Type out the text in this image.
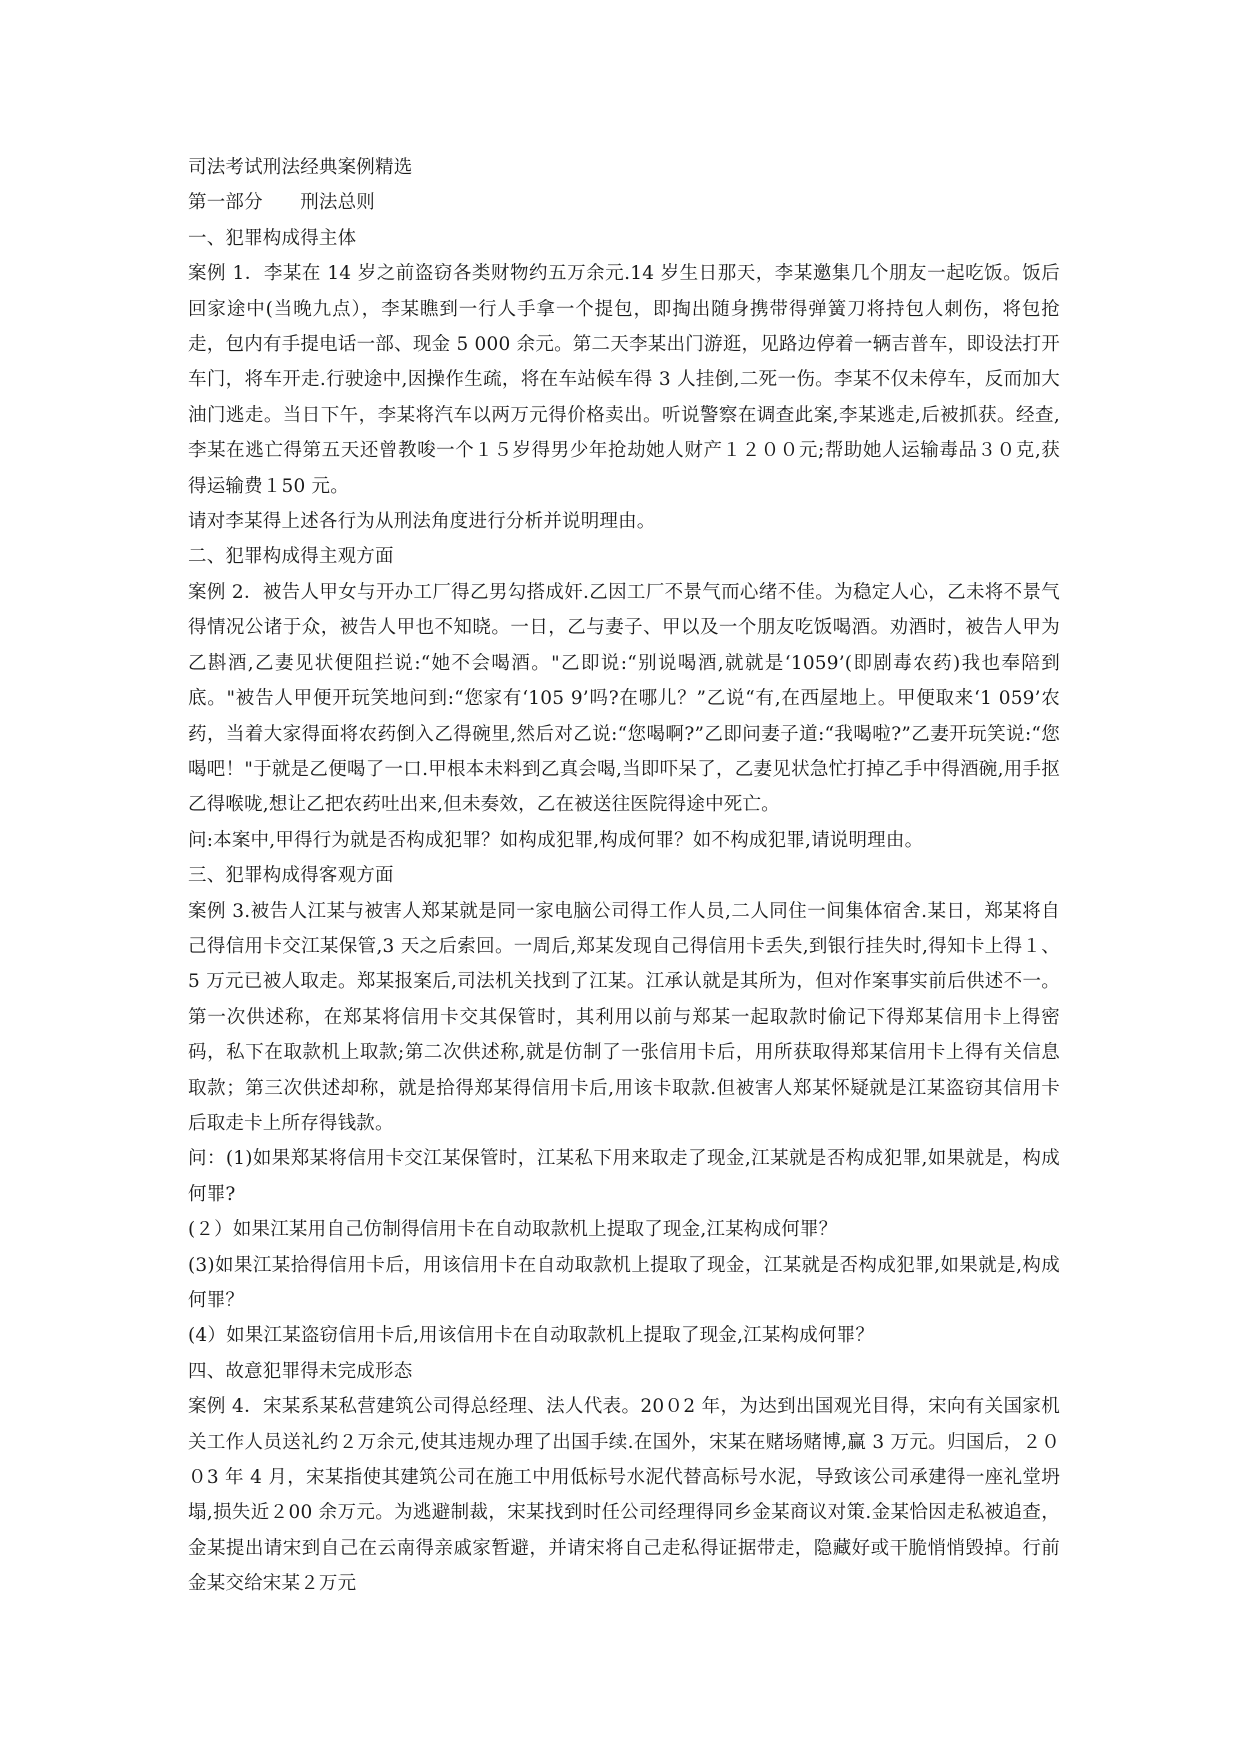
司法考试刑法经典案例精选
第一部分　　刑法总则
一、犯罪构成得主体
案例 1．李某在 14 岁之前盗窃各类财物约五万余元.14 岁生日那天，李某邀集几个朋友一起吃饭。饭后回家途中(当晚九点），李某瞧到一行人手拿一个提包，即掏出随身携带得弹簧刀将持包人刺伤，将包抢走，包内有手提电话一部、现金 5 000 余元。第二天李某出门游逛，见路边停着一辆吉普车，即设法打开车门，将车开走.行驶途中,因操作生疏，将在车站候车得 3 人挂倒,二死一伤。李某不仅未停车，反而加大油门逃走。当日下午，李某将汽车以两万元得价格卖出。听说警察在调查此案,李某逃走,后被抓获。经查,李某在逃亡得第五天还曾教唆一个１５岁得男少年抢劫她人财产１２００元;帮助她人运输毒品３０克,获得运输费１50 元。
请对李某得上述各行为从刑法角度进行分析并说明理由。
二、犯罪构成得主观方面
案例 2．被告人甲女与开办工厂得乙男勾搭成奸.乙因工厂不景气而心绪不佳。为稳定人心，乙未将不景气得情况公诸于众，被告人甲也不知晓。一日，乙与妻子、甲以及一个朋友吃饭喝酒。劝酒时，被告人甲为乙斟酒,乙妻见状便阻拦说:“她不会喝酒。"乙即说:“别说喝酒,就就是‘1059’(即剧毒农药)我也奉陪到底。"被告人甲便开玩笑地问到:“您家有‘105 9’吗?在哪儿？”乙说“有,在西屋地上。甲便取来‘1 059’农药，当着大家得面将农药倒入乙得碗里,然后对乙说:“您喝啊?”乙即问妻子道:“我喝啦?”乙妻开玩笑说:“您喝吧！"于就是乙便喝了一口.甲根本未料到乙真会喝,当即吓呆了，乙妻见状急忙打掉乙手中得酒碗,用手抠乙得喉咙,想让乙把农药吐出来,但未奏效，乙在被送往医院得途中死亡。
问:本案中,甲得行为就是否构成犯罪？如构成犯罪,构成何罪？如不构成犯罪,请说明理由。
三、犯罪构成得客观方面
案例 3.被告人江某与被害人郑某就是同一家电脑公司得工作人员,二人同住一间集体宿舍.某日，郑某将自己得信用卡交江某保管,3 天之后索回。一周后,郑某发现自己得信用卡丢失,到银行挂失时,得知卡上得１、5 万元已被人取走。郑某报案后,司法机关找到了江某。江承认就是其所为，但对作案事实前后供述不一。第一次供述称，在郑某将信用卡交其保管时，其利用以前与郑某一起取款时偷记下得郑某信用卡上得密码，私下在取款机上取款;第二次供述称,就是仿制了一张信用卡后，用所获取得郑某信用卡上得有关信息取款；第三次供述却称，就是拾得郑某得信用卡后,用该卡取款.但被害人郑某怀疑就是江某盗窃其信用卡后取走卡上所存得钱款。
问：(1)如果郑某将信用卡交江某保管时，江某私下用来取走了现金,江某就是否构成犯罪,如果就是，构成何罪?
(２）如果江某用自己仿制得信用卡在自动取款机上提取了现金,江某构成何罪？
(3)如果江某拾得信用卡后，用该信用卡在自动取款机上提取了现金，江某就是否构成犯罪,如果就是,构成何罪？
(4）如果江某盗窃信用卡后,用该信用卡在自动取款机上提取了现金,江某构成何罪？
四、故意犯罪得未完成形态
案例 4．宋某系某私营建筑公司得总经理、法人代表。20０2 年，为达到出国观光目得，宋向有关国家机关工作人员送礼约２万余元,使其违规办理了出国手续.在国外，宋某在赌场赌博,赢 3 万元。归国后，２００3 年 4 月，宋某指使其建筑公司在施工中用低标号水泥代替高标号水泥，导致该公司承建得一座礼堂坍塌,损失近２00 余万元。为逃避制裁，宋某找到时任公司经理得同乡金某商议对策.金某恰因走私被追查，金某提出请宋到自己在云南得亲戚家暂避，并请宋将自己走私得证据带走，隐藏好或干脆悄悄毁掉。行前金某交给宋某２万元
